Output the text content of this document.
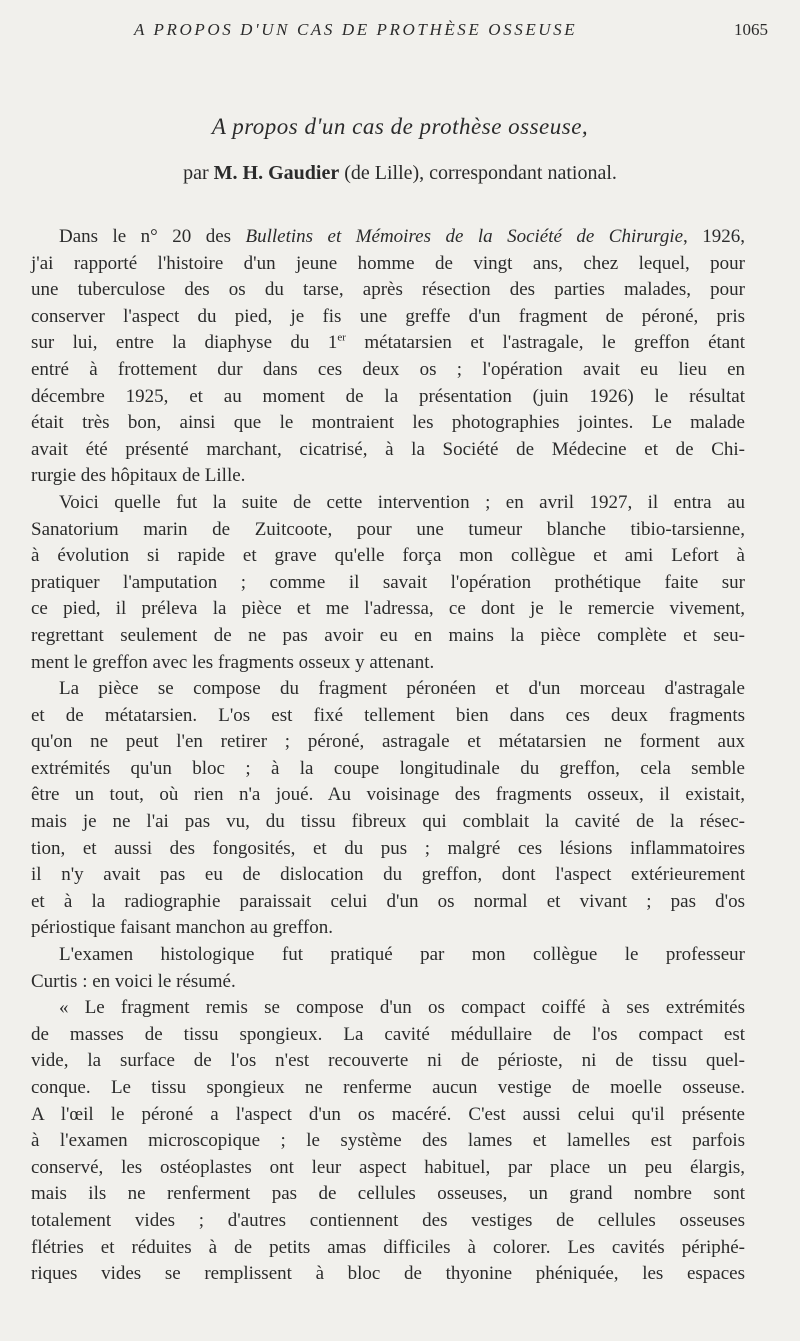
A PROPOS D'UN CAS DE PROTHÈSE OSSEUSE	1065
A propos d'un cas de prothèse osseuse,
par M. H. Gaudier (de Lille), correspondant national.
Dans le n° 20 des Bulletins et Mémoires de la Société de Chirurgie, 1926,
j'ai rapporté l'histoire d'un jeune homme de vingt ans, chez lequel, pour
une tuberculose des os du tarse, après résection des parties malades, pour
conserver l'aspect du pied, je fis une greffe d'un fragment de péroné, pris
sur lui, entre la diaphyse du 1er métatarsien et l'astragale, le greffon étant
entré à frottement dur dans ces deux os ; l'opération avait eu lieu en
décembre 1925, et au moment de la présentation (juin 1926) le résultat
était très bon, ainsi que le montraient les photographies jointes. Le malade
avait été présenté marchant, cicatrisé, à la Société de Médecine et de Chi-
rurgie des hôpitaux de Lille.
Voici quelle fut la suite de cette intervention ; en avril 1927, il entra au
Sanatorium marin de Zuitcoote, pour une tumeur blanche tibio-tarsienne,
à évolution si rapide et grave qu'elle força mon collègue et ami Lefort à
pratiquer l'amputation ; comme il savait l'opération prothétique faite sur
ce pied, il préleva la pièce et me l'adressa, ce dont je le remercie vivement,
regrettant seulement de ne pas avoir eu en mains la pièce complète et seu-
ment le greffon avec les fragments osseux y attenant.
La pièce se compose du fragment péronéen et d'un morceau d'astragale
et de métatarsien. L'os est fixé tellement bien dans ces deux fragments
qu'on ne peut l'en retirer ; péroné, astragale et métatarsien ne forment aux
extrémités qu'un bloc ; à la coupe longitudinale du greffon, cela semble
être un tout, où rien n'a joué. Au voisinage des fragments osseux, il existait,
mais je ne l'ai pas vu, du tissu fibreux qui comblait la cavité de la résec-
tion, et aussi des fongosités, et du pus ; malgré ces lésions inflammatoires
il n'y avait pas eu de dislocation du greffon, dont l'aspect extérieurement
et à la radiographie paraissait celui d'un os normal et vivant ; pas d'os
périostique faisant manchon au greffon.
L'examen histologique fut pratiqué par mon collègue le professeur
Curtis : en voici le résumé.
« Le fragment remis se compose d'un os compact coiffé à ses extrémités
de masses de tissu spongieux. La cavité médullaire de l'os compact est
vide, la surface de l'os n'est recouverte ni de périoste, ni de tissu quel-
conque. Le tissu spongieux ne renferme aucun vestige de moelle osseuse.
A l'œil le péroné a l'aspect d'un os macéré. C'est aussi celui qu'il présente
à l'examen microscopique ; le système des lames et lamelles est parfois
conservé, les ostéoplastes ont leur aspect habituel, par place un peu élargis,
mais ils ne renferment pas de cellules osseuses, un grand nombre sont
totalement vides ; d'autres contiennent des vestiges de cellules osseuses
flétries et réduites à de petits amas difficiles à colorer. Les cavités périphé-
riques vides se remplissent à bloc de thyonine phéniquée, les espaces
